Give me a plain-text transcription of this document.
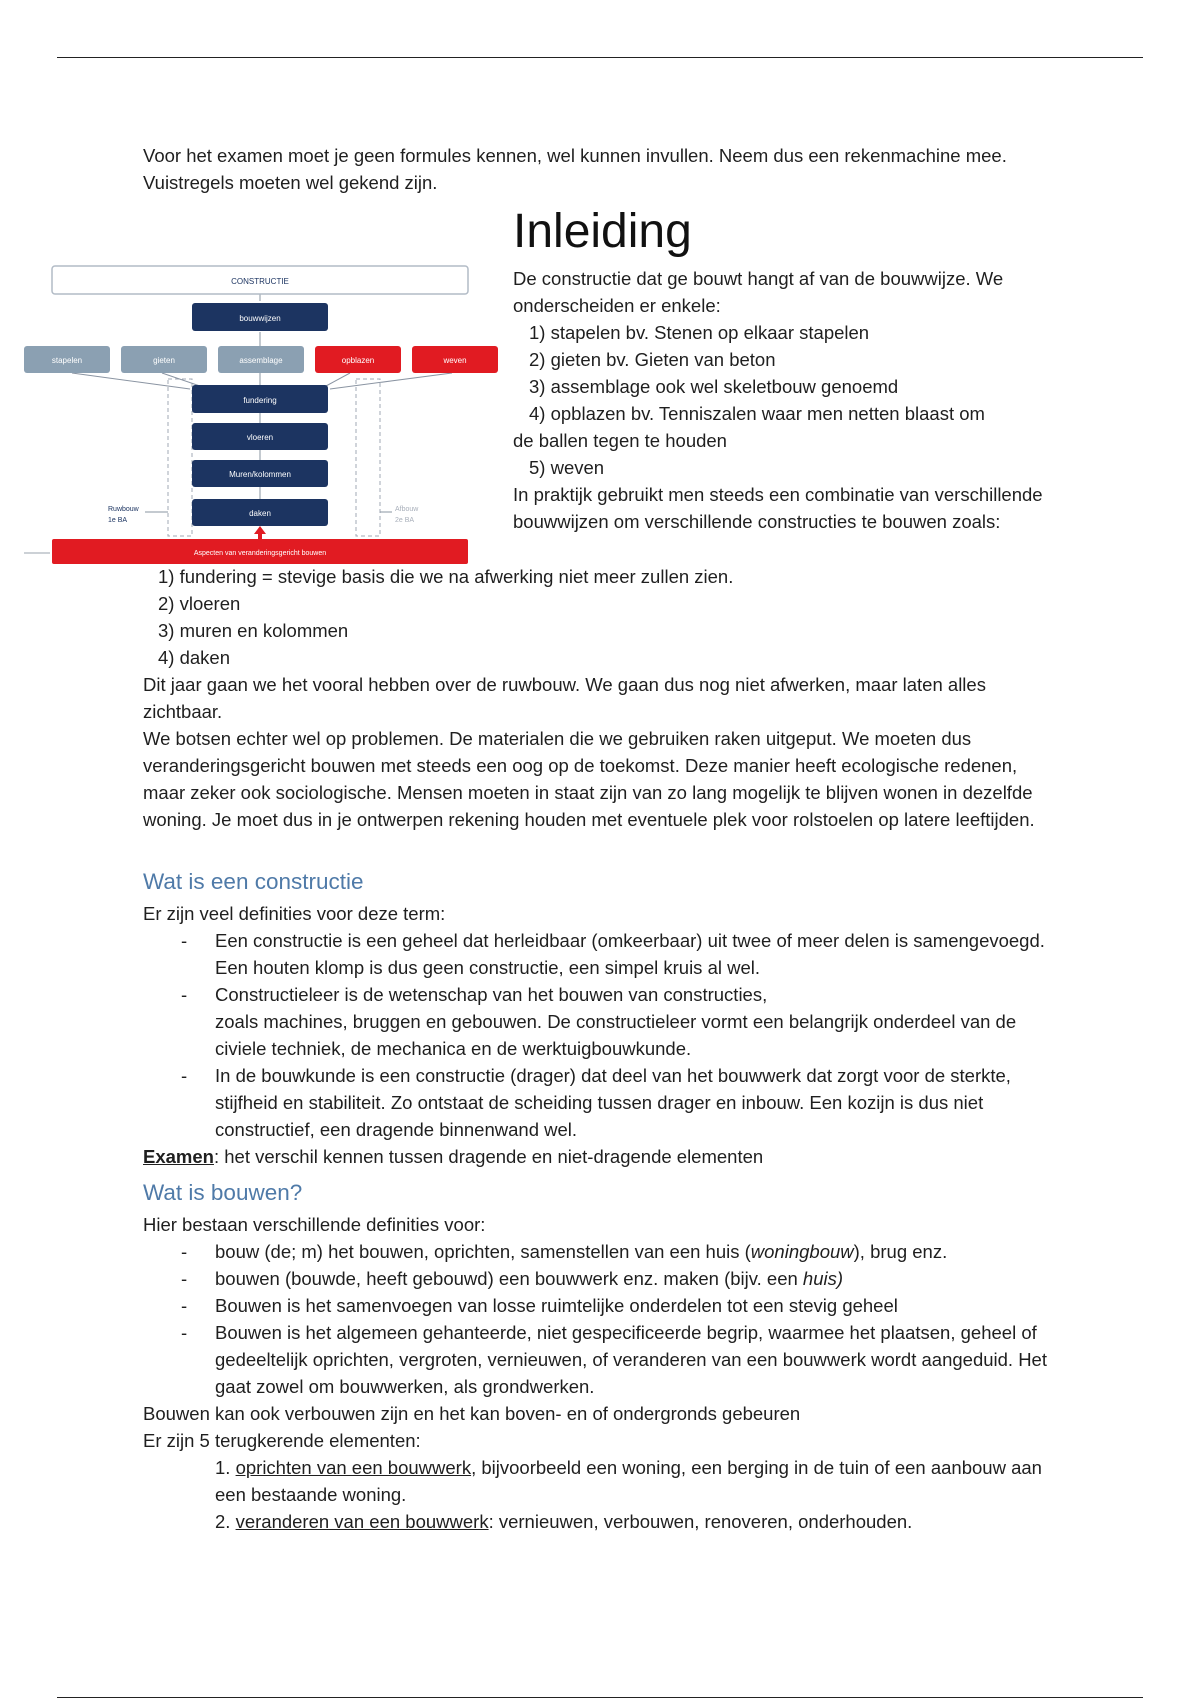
Voor het examen moet je geen formules kennen, wel kunnen invullen. Neem dus een rekenmachine mee. Vuistregels moeten wel gekend zijn.

Inleiding

De constructie dat ge bouwt hangt af van de bouwwijze. We onderscheiden er enkele:

1) stapelen bv. Stenen op elkaar stapelen

2) gieten bv. Gieten van beton

3) assemblage ook wel skeletbouw genoemd

4) opblazen bv. Tenniszalen waar men netten blaast om

de ballen tegen te houden

5) weven

In praktijk gebruikt men steeds een combinatie van verschillende bouwwijzen om verschillende constructies te bouwen zoals:

CONSTRUCTIE
bouwwijzen
stapelen	gieten	assemblage	opblazen	weven
fundering
vloeren
Muren/kolommen
daken
Ruwbouw
1e BA
Afbouw
2e BA
Aspecten van veranderingsgericht bouwen

1) fundering = stevige basis die we na afwerking niet meer zullen zien.

2) vloeren

3) muren en kolommen

4) daken

Dit jaar gaan we het vooral hebben over de ruwbouw. We gaan dus nog niet afwerken, maar laten alles zichtbaar.

We botsen echter wel op problemen. De materialen die we gebruiken raken uitgeput. We moeten dus veranderingsgericht bouwen met steeds een oog op de toekomst. Deze manier heeft ecologische redenen, maar zeker ook sociologische. Mensen moeten in staat zijn van zo lang mogelijk te blijven wonen in dezelfde woning. Je moet dus in je ontwerpen rekening houden met eventuele plek voor rolstoelen op latere leeftijden.

Wat is een constructie

Er zijn veel definities voor deze term:

- Een constructie is een geheel dat herleidbaar (omkeerbaar) uit twee of meer delen is samengevoegd. Een houten klomp is dus geen constructie, een simpel kruis al wel.
- Constructieleer is de wetenschap van het bouwen van constructies,
zoals machines, bruggen en gebouwen. De constructieleer vormt een belangrijk onderdeel van de civiele techniek, de mechanica en de werktuigbouwkunde.
- In de bouwkunde is een constructie (drager) dat deel van het bouwwerk dat zorgt voor de sterkte, stijfheid en stabiliteit. Zo ontstaat de scheiding tussen drager en inbouw. Een kozijn is dus niet constructief, een dragende binnenwand wel.

Examen: het verschil kennen tussen dragende en niet-dragende elementen

Wat is bouwen?

Hier bestaan verschillende definities voor:

- bouw (de; m) het bouwen, oprichten, samenstellen van een huis (woningbouw), brug enz.
- bouwen (bouwde, heeft gebouwd) een bouwwerk enz. maken (bijv. een huis)
- Bouwen is het samenvoegen van losse ruimtelijke onderdelen tot een stevig geheel
- Bouwen is het algemeen gehanteerde, niet gespecificeerde begrip, waarmee het plaatsen, geheel of gedeeltelijk oprichten, vergroten, vernieuwen, of veranderen van een bouwwerk wordt aangeduid. Het gaat zowel om bouwwerken, als grondwerken.

Bouwen kan ook verbouwen zijn en het kan boven- en of ondergronds gebeuren

Er zijn 5 terugkerende elementen:

1. oprichten van een bouwwerk, bijvoorbeeld een woning, een berging in de tuin of een aanbouw aan een bestaande woning.
2. veranderen van een bouwwerk: vernieuwen, verbouwen, renoveren, onderhouden.
